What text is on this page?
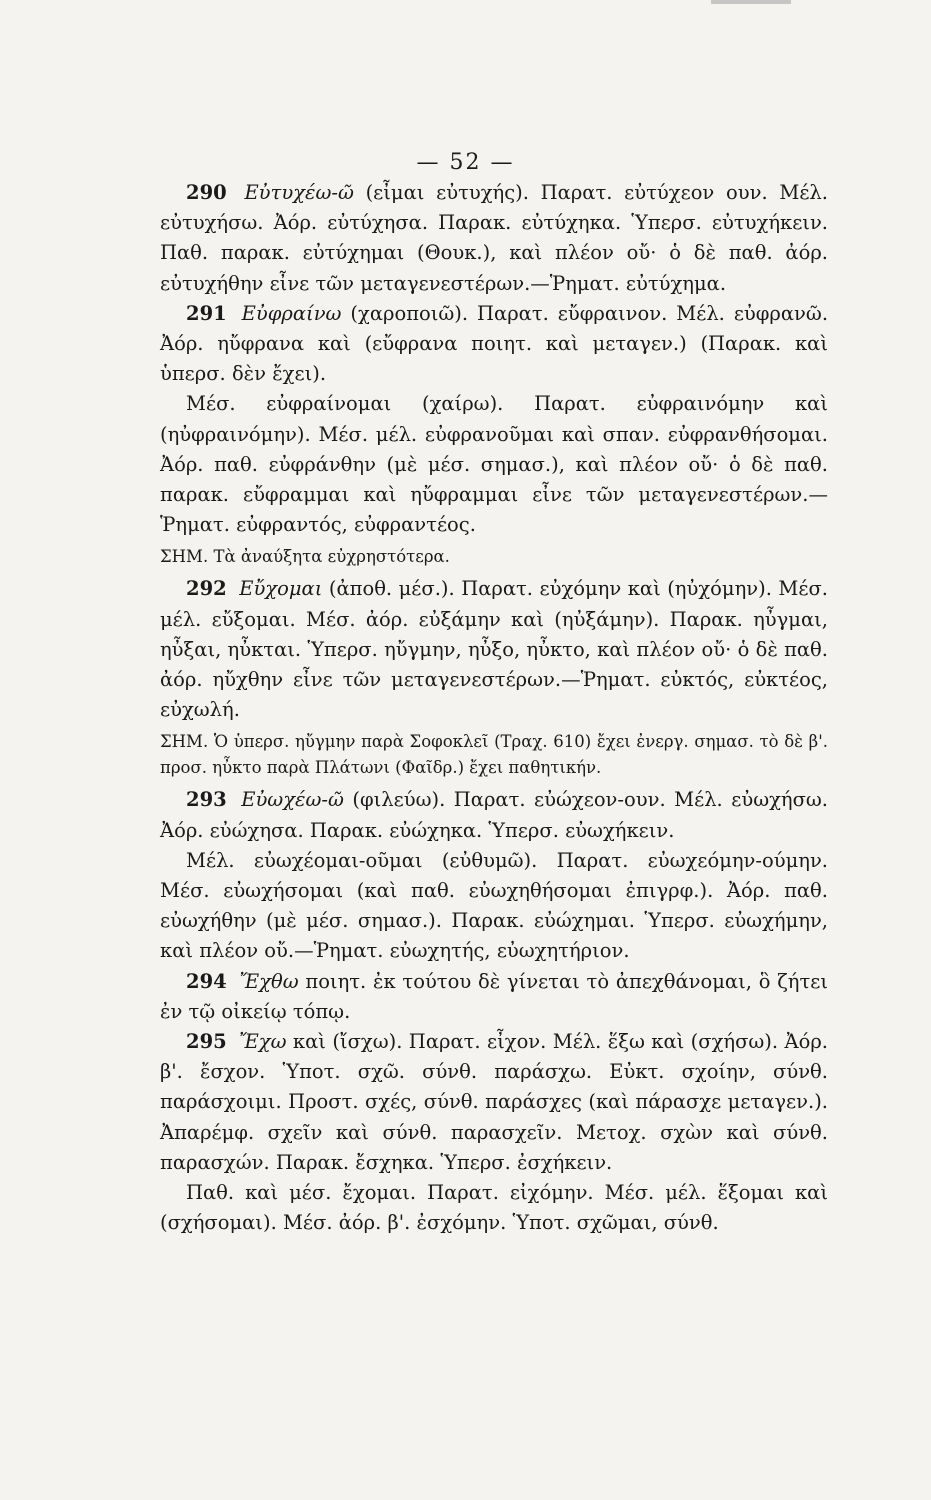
— 52 —

290 Εὐτυχέω-ῶ (εἶμαι εὐτυχής). Παρατ. εὐτύχεον ουν. Μέλ. εὐτυχήσω. Ἀόρ. εὐτύχησα. Παρακ. εὐτύχηκα. Ὑπερσ. εὐτυχήκειν. Παθ. παρακ. εὐτύχημαι (Θουκ.), καὶ πλέον οὔ· ὁ δὲ παθ. ἀόρ. εὐτυχήθην εἶνε τῶν μεταγενεστέρων.—Ῥηματ. εὐτύχημα.

291 Εὐφραίνω (χαροποιῶ). Παρατ. εὔφραινον. Μέλ. εὐφρανῶ. Ἀόρ. ηὔφρανα καὶ (εὔφρανα ποιητ. καὶ μεταγεν.) (Παρακ. καὶ ὑπερσ. δὲν ἔχει).

Μέσ. εὐφραίνομαι (χαίρω). Παρατ. εὐφραινόμην καὶ (ηὐφραινόμην). Μέσ. μέλ. εὐφρανοῦμαι καὶ σπαν. εὐφρανθήσομαι. Ἀόρ. παθ. εὐφράνθην (μὲ μέσ. σημασ.), καὶ πλέον οὔ· ὁ δὲ παθ. παρακ. εὔφραμμαι καὶ ηὔφραμμαι εἶνε τῶν μεταγενεστέρων.—Ῥηματ. εὐφραντός, εὐφραντέος.

ΣΗΜ. Τὰ ἀναύξητα εὐχρηστότερα.

292 Εὔχομαι (ἀποθ. μέσ.). Παρατ. εὐχόμην καὶ (ηὐχόμην). Μέσ. μέλ. εὔξομαι. Μέσ. ἀόρ. εὐξάμην καὶ (ηὐξάμην). Παρακ. ηὖγμαι, ηὖξαι, ηὖκται. Ὑπερσ. ηὔγμην, ηὖξο, ηὖκτο, καὶ πλέον οὔ· ὁ δὲ παθ. ἀόρ. ηὔχθην εἶνε τῶν μεταγενεστέρων.—Ῥηματ. εὐκτός, εὐκτέος, εὐχωλή.

ΣΗΜ. Ὁ ὑπερσ. ηὔγμην παρὰ Σοφοκλεῖ (Τραχ. 610) ἔχει ἐνεργ. σημασ. τὸ δὲ β'. προσ. ηὖκτο παρὰ Πλάτωνι (Φαῖδρ.) ἔχει παθητικήν.

293 Εὐωχέω-ῶ (φιλεύω). Παρατ. εὐώχεον-ουν. Μέλ. εὐωχήσω. Ἀόρ. εὐώχησα. Παρακ. εὐώχηκα. Ὑπερσ. εὐωχήκειν.

Μέλ. εὐωχέομαι-οῦμαι (εὐθυμῶ). Παρατ. εὐωχεόμην-ούμην. Μέσ. εὐωχήσομαι (καὶ παθ. εὐωχηθήσομαι ἐπιγρφ.). Ἀόρ. παθ. εὐωχήθην (μὲ μέσ. σημασ.). Παρακ. εὐώχημαι. Ὑπερσ. εὐωχήμην, καὶ πλέον οὔ.—Ῥηματ. εὐωχητής, εὐωχητήριον.

294 Ἔχθω ποιητ. ἐκ τούτου δὲ γίνεται τὸ ἀπεχθάνομαι, ὃ ζήτει ἐν τῷ οἰκείῳ τόπῳ.

295 Ἔχω καὶ (ἴσχω). Παρατ. εἶχον. Μέλ. ἕξω καὶ (σχήσω). Ἀόρ. β'. ἔσχον. Ὑποτ. σχῶ. σύνθ. παράσχω. Εὐκτ. σχοίην, σύνθ. παράσχοιμι. Προστ. σχές, σύνθ. παράσχες (καὶ πάρασχε μεταγεν.). Ἀπαρέμφ. σχεῖν καὶ σύνθ. παρασχεῖν. Μετοχ. σχὼν καὶ σύνθ. παρασχών. Παρακ. ἔσχηκα. Ὑπερσ. ἐσχήκειν.

Παθ. καὶ μέσ. ἔχομαι. Παρατ. εἰχόμην. Μέσ. μέλ. ἕξομαι καὶ (σχήσομαι). Μέσ. ἀόρ. β'. ἐσχόμην. Ὑποτ. σχῶμαι, σύνθ.
